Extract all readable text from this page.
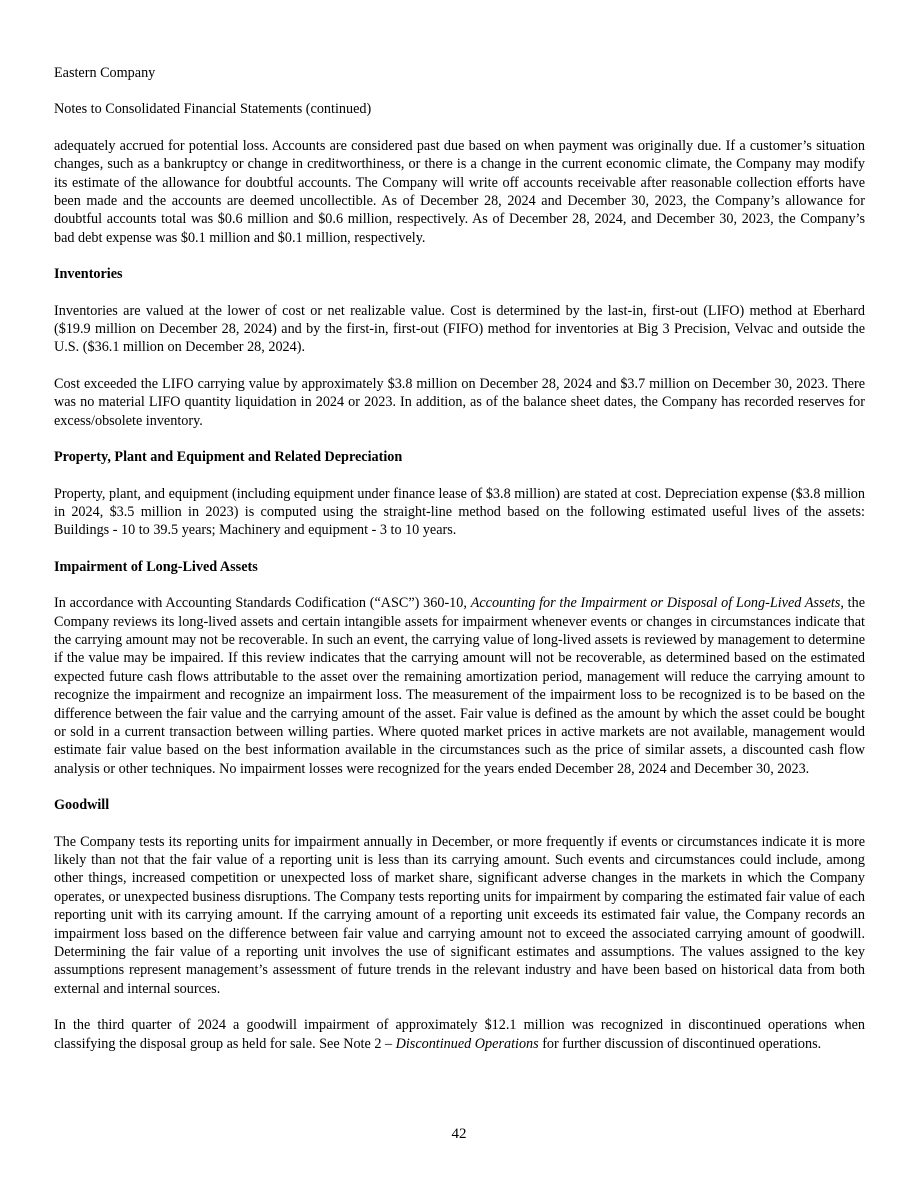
Eastern Company

Notes to Consolidated Financial Statements (continued)

adequately accrued for potential loss. Accounts are considered past due based on when payment was originally due. If a customer’s situation changes, such as a bankruptcy or change in creditworthiness, or there is a change in the current economic climate, the Company may modify its estimate of the allowance for doubtful accounts. The Company will write off accounts receivable after reasonable collection efforts have been made and the accounts are deemed uncollectible. As of December 28, 2024 and December 30, 2023, the Company’s allowance for doubtful accounts total was $0.6 million and $0.6 million, respectively. As of December 28, 2024, and December 30, 2023, the Company’s bad debt expense was $0.1 million and $0.1 million, respectively.

Inventories

Inventories are valued at the lower of cost or net realizable value. Cost is determined by the last-in, first-out (LIFO) method at Eberhard ($19.9 million on December 28, 2024) and by the first-in, first-out (FIFO) method for inventories at Big 3 Precision, Velvac and outside the U.S. ($36.1 million on December 28, 2024).

Cost exceeded the LIFO carrying value by approximately $3.8 million on December 28, 2024 and $3.7 million on December 30, 2023. There was no material LIFO quantity liquidation in 2024 or 2023. In addition, as of the balance sheet dates, the Company has recorded reserves for excess/obsolete inventory.

Property, Plant and Equipment and Related Depreciation

Property, plant, and equipment (including equipment under finance lease of $3.8 million) are stated at cost. Depreciation expense ($3.8 million in 2024, $3.5 million in 2023) is computed using the straight-line method based on the following estimated useful lives of the assets: Buildings - 10 to 39.5 years; Machinery and equipment - 3 to 10 years.

Impairment of Long-Lived Assets

In accordance with Accounting Standards Codification (“ASC”) 360-10, Accounting for the Impairment or Disposal of Long-Lived Assets, the Company reviews its long-lived assets and certain intangible assets for impairment whenever events or changes in circumstances indicate that the carrying amount may not be recoverable. In such an event, the carrying value of long-lived assets is reviewed by management to determine if the value may be impaired. If this review indicates that the carrying amount will not be recoverable, as determined based on the estimated expected future cash flows attributable to the asset over the remaining amortization period, management will reduce the carrying amount to recognize the impairment and recognize an impairment loss. The measurement of the impairment loss to be recognized is to be based on the difference between the fair value and the carrying amount of the asset. Fair value is defined as the amount by which the asset could be bought or sold in a current transaction between willing parties. Where quoted market prices in active markets are not available, management would estimate fair value based on the best information available in the circumstances such as the price of similar assets, a discounted cash flow analysis or other techniques. No impairment losses were recognized for the years ended December 28, 2024 and December 30, 2023.

Goodwill

The Company tests its reporting units for impairment annually in December, or more frequently if events or circumstances indicate it is more likely than not that the fair value of a reporting unit is less than its carrying amount. Such events and circumstances could include, among other things, increased competition or unexpected loss of market share, significant adverse changes in the markets in which the Company operates, or unexpected business disruptions. The Company tests reporting units for impairment by comparing the estimated fair value of each reporting unit with its carrying amount. If the carrying amount of a reporting unit exceeds its estimated fair value, the Company records an impairment loss based on the difference between fair value and carrying amount not to exceed the associated carrying amount of goodwill. Determining the fair value of a reporting unit involves the use of significant estimates and assumptions. The values assigned to the key assumptions represent management’s assessment of future trends in the relevant industry and have been based on historical data from both external and internal sources.

In the third quarter of 2024 a goodwill impairment of approximately $12.1 million was recognized in discontinued operations when classifying the disposal group as held for sale. See Note 2 – Discontinued Operations for further discussion of discontinued operations.

42
